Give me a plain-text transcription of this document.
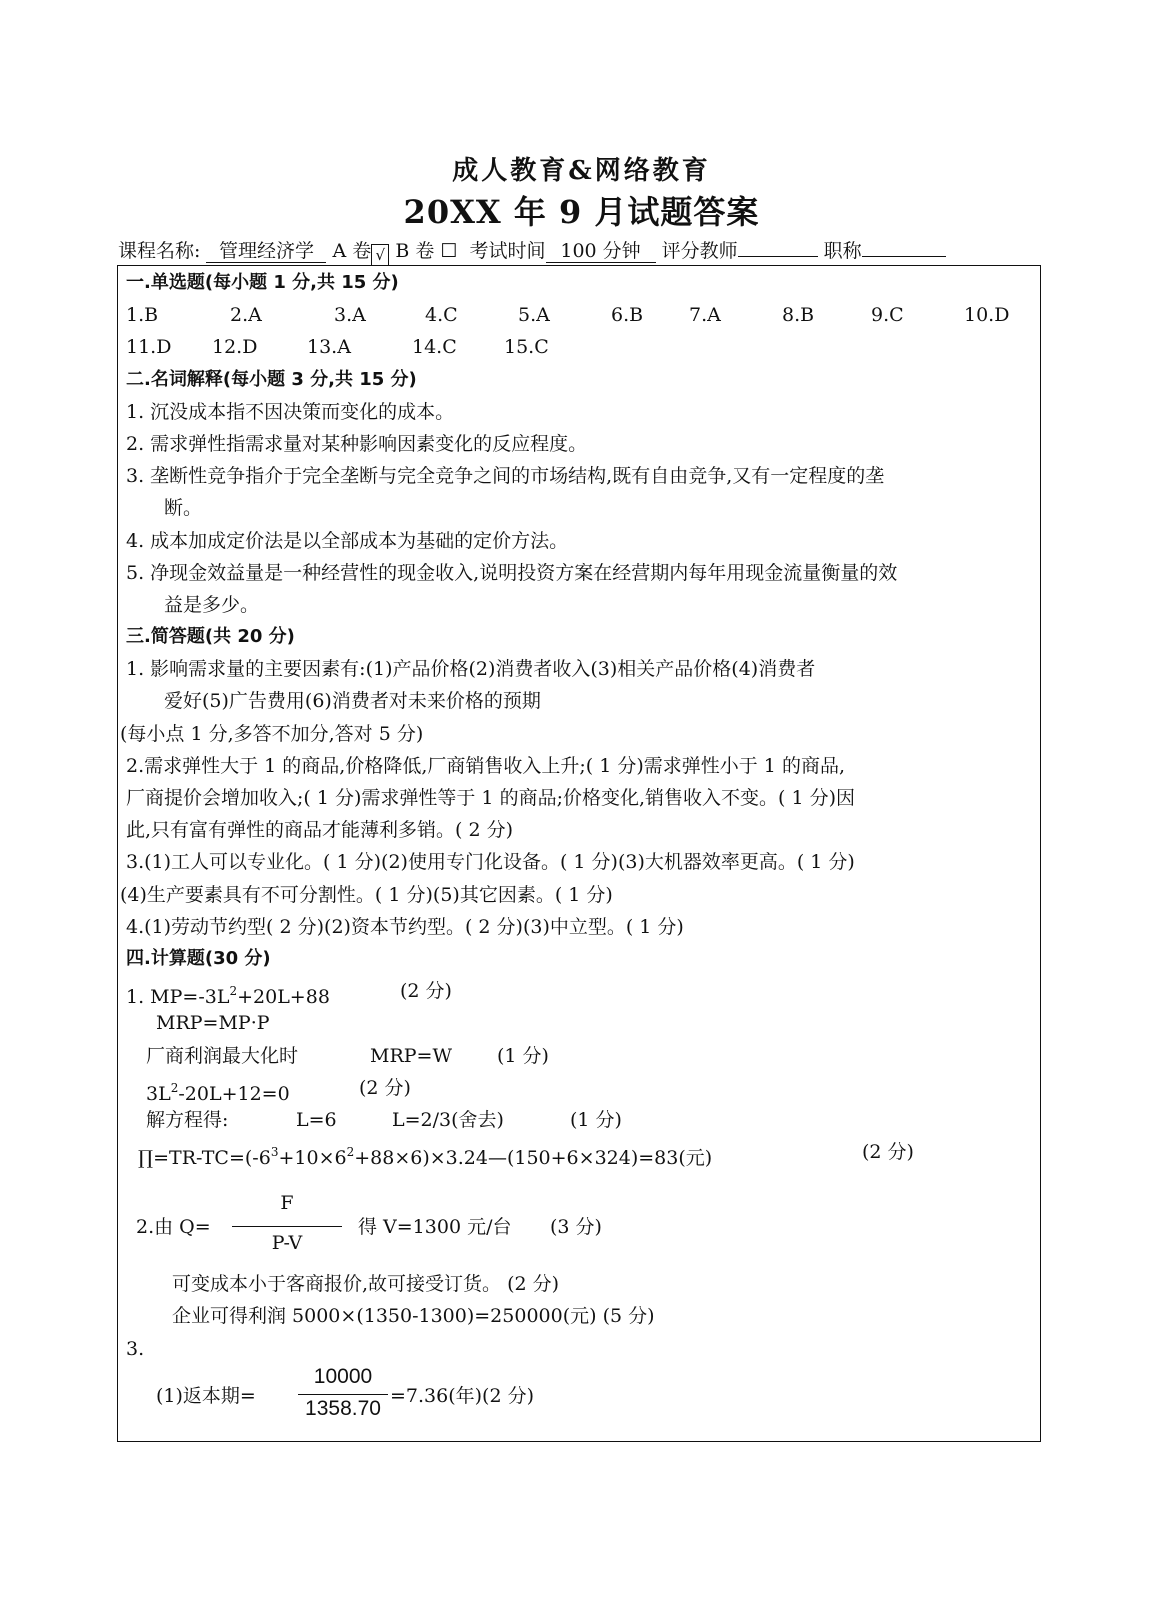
成人教育&网络教育
20XX 年 9 月试题答案
课程名称: 管理经济学 A 卷 √ B 卷 ☐ 考试时间 100 分钟 评分教师	职称
一.单选题(每小题 1 分,共 15 分)
1.B	2.A	3.A	4.C	5.A	6.B 7.A	8.B	9.C	10.D
11.D 12.D	13.A	14.C 15.C
二.名词解释(每小题 3 分,共 15 分)
1. 沉没成本指不因决策而变化的成本。
2. 需求弹性指需求量对某种影响因素变化的反应程度。
3. 垄断性竞争指介于完全垄断与完全竞争之间的市场结构,既有自由竞争,又有一定程度的垄
断。
4. 成本加成定价法是以全部成本为基础的定价方法。
5. 净现金效益量是一种经营性的现金收入,说明投资方案在经营期内每年用现金流量衡量的效
益是多少。
三.简答题(共 20 分)
1. 影响需求量的主要因素有:(1)产品价格(2)消费者收入(3)相关产品价格(4)消费者
爱好(5)广告费用(6)消费者对未来价格的预期
(每小点 1 分,多答不加分,答对 5 分)
2.需求弹性大于 1 的商品,价格降低,厂商销售收入上升;( 1 分)需求弹性小于 1 的商品,
厂商提价会增加收入;( 1 分)需求弹性等于 1 的商品;价格变化,销售收入不变。( 1 分)因
此,只有富有弹性的商品才能薄利多销。( 2 分)
3.(1)工人可以专业化。( 1 分)(2)使用专门化设备。( 1 分)(3)大机器效率更高。( 1 分)
(4)生产要素具有不可分割性。( 1 分)(5)其它因素。( 1 分)
4.(1)劳动节约型( 2 分)(2)资本节约型。( 2 分)(3)中立型。( 1 分)
四.计算题(30 分)
1. $MP=-3L^2+20L+88$	(2 分)
MRP=MP·P
厂商利润最大化时	MRP=W (1 分)
$3L^2-20L+12=0$	(2 分)
解方程得:	L=6	L=2/3(舍去)	(1 分)
$\prod=TR-TC=(-6^3+10\times 6^2+88\times 6)\times 3.24—(150+6\times 324)=83$(元)	(2 分)
2.由 Q=
F
P-V
得 V=1300 元/台 (3 分)
可变成本小于客商报价,故可接受订货。 (2 分)
企业可得利润 5000×(1350-1300)=250000(元) (5 分)
3.
(1)返本期=
10000
1358.70
=7.36(年)(2 分)
